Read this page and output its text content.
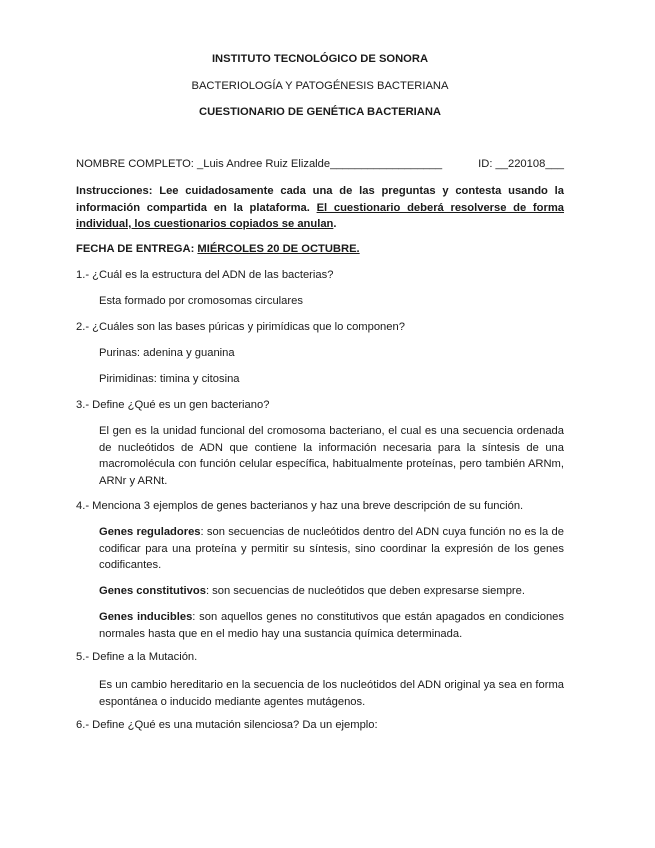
INSTITUTO TECNOLÓGICO DE SONORA
BACTERIOLOGÍA Y PATOGÉNESIS BACTERIANA
CUESTIONARIO DE GENÉTICA BACTERIANA
NOMBRE COMPLETO: _Luis Andree Ruiz Elizalde__________________	ID: __220108___
Instrucciones: Lee cuidadosamente cada una de las preguntas y contesta usando la información compartida en la plataforma. El cuestionario deberá resolverse de forma individual, los cuestionarios copiados se anulan.
FECHA DE ENTREGA: MIÉRCOLES 20 DE OCTUBRE.
1.- ¿Cuál es la estructura del ADN de las bacterias?
Esta formado por cromosomas circulares
2.- ¿Cuáles son las bases púricas y pirimídicas que lo componen?
Purinas: adenina y guanina
Pirimidinas: timina y citosina
3.- Define ¿Qué es un gen bacteriano?
El gen es la unidad funcional del cromosoma bacteriano, el cual es una secuencia ordenada de nucleótidos de ADN que contiene la información necesaria para la síntesis de una macromolécula con función celular específica, habitualmente proteínas, pero también ARNm, ARNr y ARNt.
4.- Menciona 3 ejemplos de genes bacterianos y haz una breve descripción de su función.
Genes reguladores: son secuencias de nucleótidos dentro del ADN cuya función no es la de codificar para una proteína y permitir su síntesis, sino coordinar la expresión de los genes codificantes.
Genes constitutivos: son secuencias de nucleótidos que deben expresarse siempre.
Genes inducibles: son aquellos genes no constitutivos que están apagados en condiciones normales hasta que en el medio hay una sustancia química determinada.
5.- Define a la Mutación.
Es un cambio hereditario en la secuencia de los nucleótidos del ADN original ya sea en forma espontánea o inducido mediante agentes mutágenos.
6.- Define ¿Qué es una mutación silenciosa? Da un ejemplo:
